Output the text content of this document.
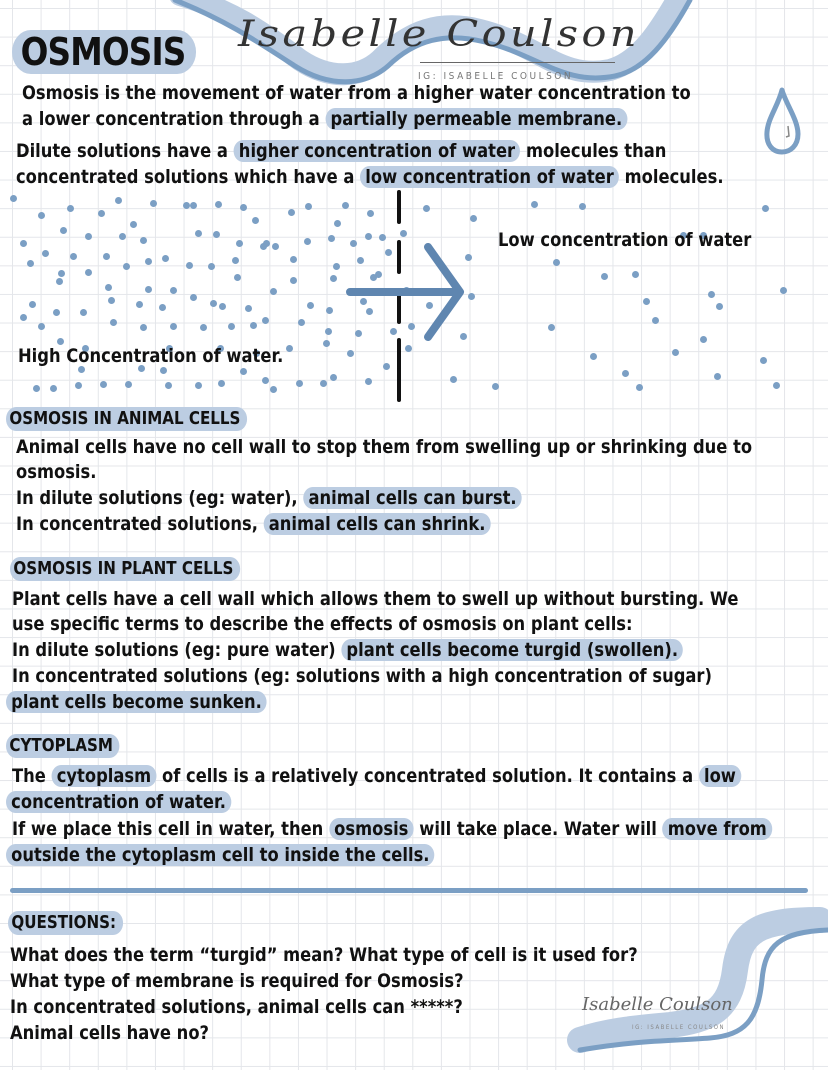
OSMOSIS Isabelle Coulson
IG: ISABELLE COULSON
Osmosis is the movement of water from a higher water concentration to
a lower concentration through a partially permeable membrane.
Dilute solutions have a higher concentration of water molecules than
concentrated solutions which have a low concentration of water molecules.
Low concentration of water
High Concentration of water.
OSMOSIS IN ANIMAL CELLS
Animal cells have no cell wall to stop them from swelling up or shrinking due to
osmosis.
In dilute solutions (eg: water), animal cells can burst.
In concentrated solutions, animal cells can shrink.
OSMOSIS IN PLANT CELLS
Plant cells have a cell wall which allows them to swell up without bursting. We
use specific terms to describe the effects of osmosis on plant cells:
In dilute solutions (eg: pure water) plant cells become turgid (swollen).
In concentrated solutions (eg: solutions with a high concentration of sugar)
plant cells become sunken.
CYTOPLASM
The cytoplasm of cells is a relatively concentrated solution. It contains a low
concentration of water.
If we place this cell in water, then osmosis will take place. Water will move from
outside the cytoplasm cell to inside the cells.
Isabelle Coulson
IG: ISABELLE COULSON
QUESTIONS:
What does the term “turgid” mean? What type of cell is it used for?
What type of membrane is required for Osmosis?
In concentrated solutions, animal cells can *****?
Animal cells have no?
